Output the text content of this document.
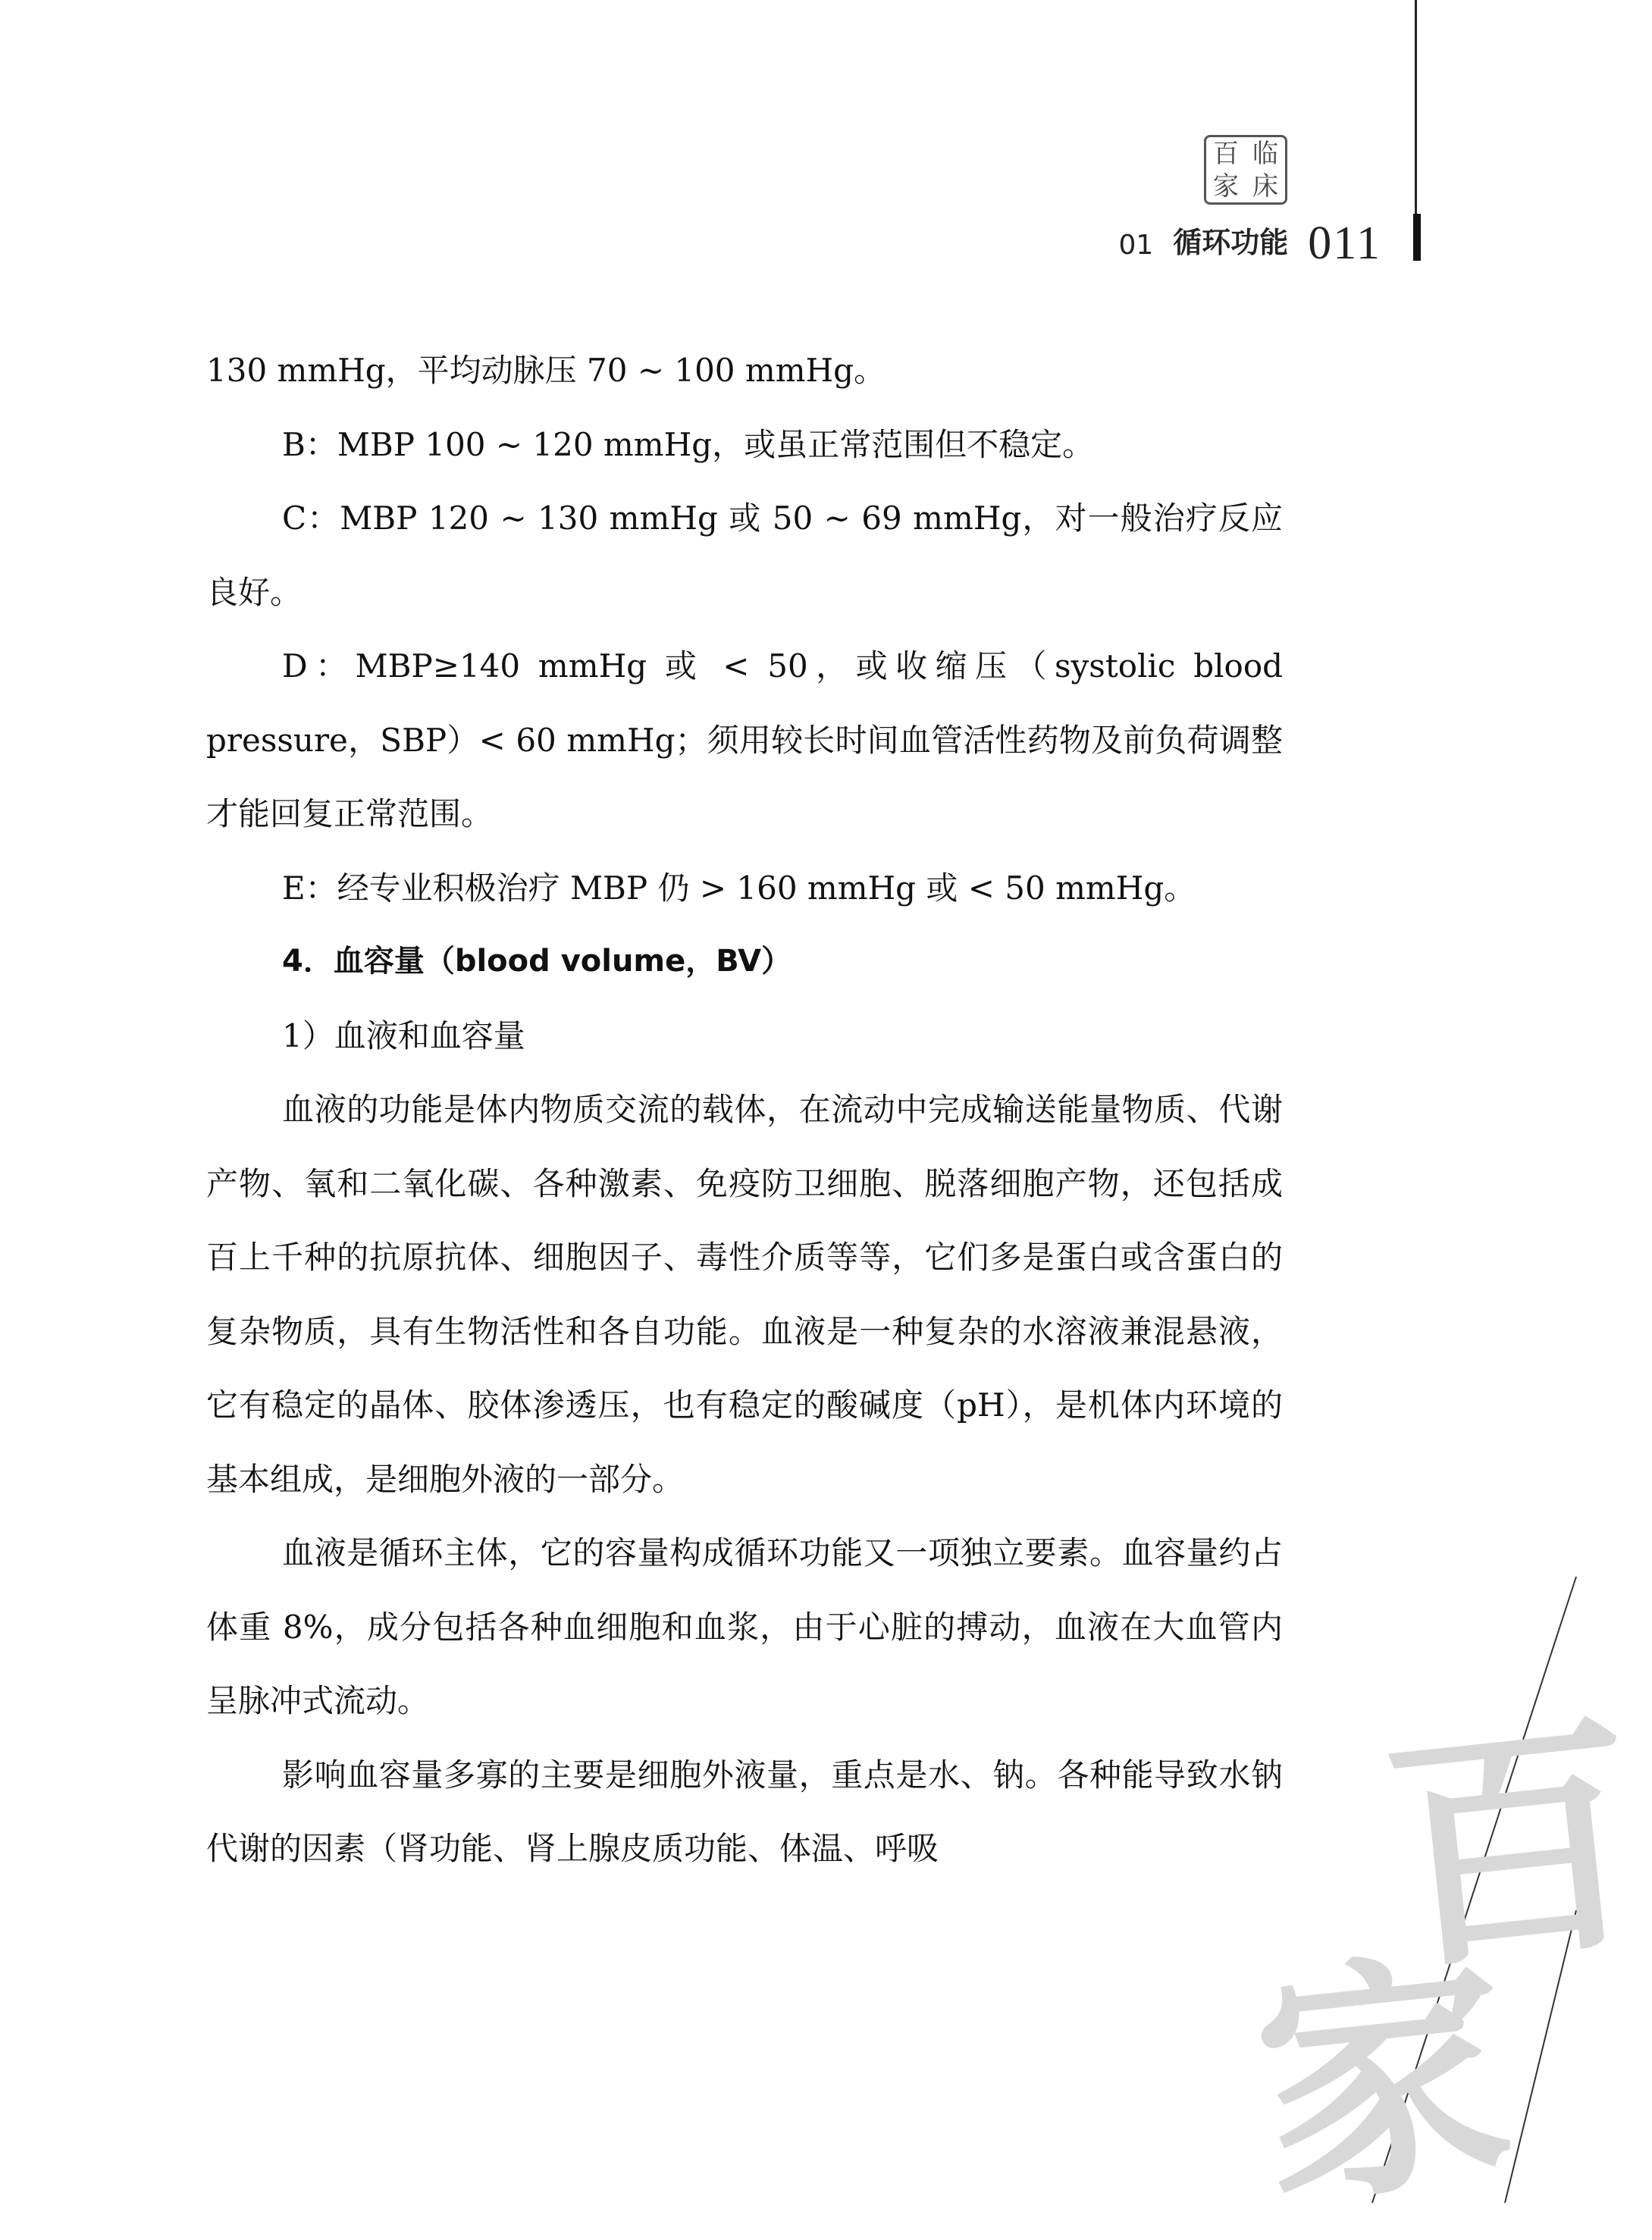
百 临
家 床
01 循环功能 011

130 mmHg，平均动脉压 70 ~ 100 mmHg。

B：MBP 100 ~ 120 mmHg，或虽正常范围但不稳定。

C：MBP 120 ~ 130 mmHg 或 50 ~ 69 mmHg，对一般治疗反应良好。

D：MBP≥140 mmHg 或 < 50，或收缩压（systolic blood pressure，SBP）< 60 mmHg；须用较长时间血管活性药物及前负荷调整才能回复正常范围。

E：经专业积极治疗 MBP 仍 > 160 mmHg 或 < 50 mmHg。

4．血容量（blood volume，BV）

1）血液和血容量

血液的功能是体内物质交流的载体，在流动中完成输送能量物质、代谢产物、氧和二氧化碳、各种激素、免疫防卫细胞、脱落细胞产物，还包括成百上千种的抗原抗体、细胞因子、毒性介质等等，它们多是蛋白或含蛋白的复杂物质，具有生物活性和各自功能。血液是一种复杂的水溶液兼混悬液，它有稳定的晶体、胶体渗透压，也有稳定的酸碱度（pH），是机体内环境的基本组成，是细胞外液的一部分。

血液是循环主体，它的容量构成循环功能又一项独立要素。血容量约占体重 8%，成分包括各种血细胞和血浆，由于心脏的搏动，血液在大血管内呈脉冲式流动。

影响血容量多寡的主要是细胞外液量，重点是水、钠。各种能导致水钠代谢的因素（肾功能、肾上腺皮质功能、体温、呼吸	百
家
